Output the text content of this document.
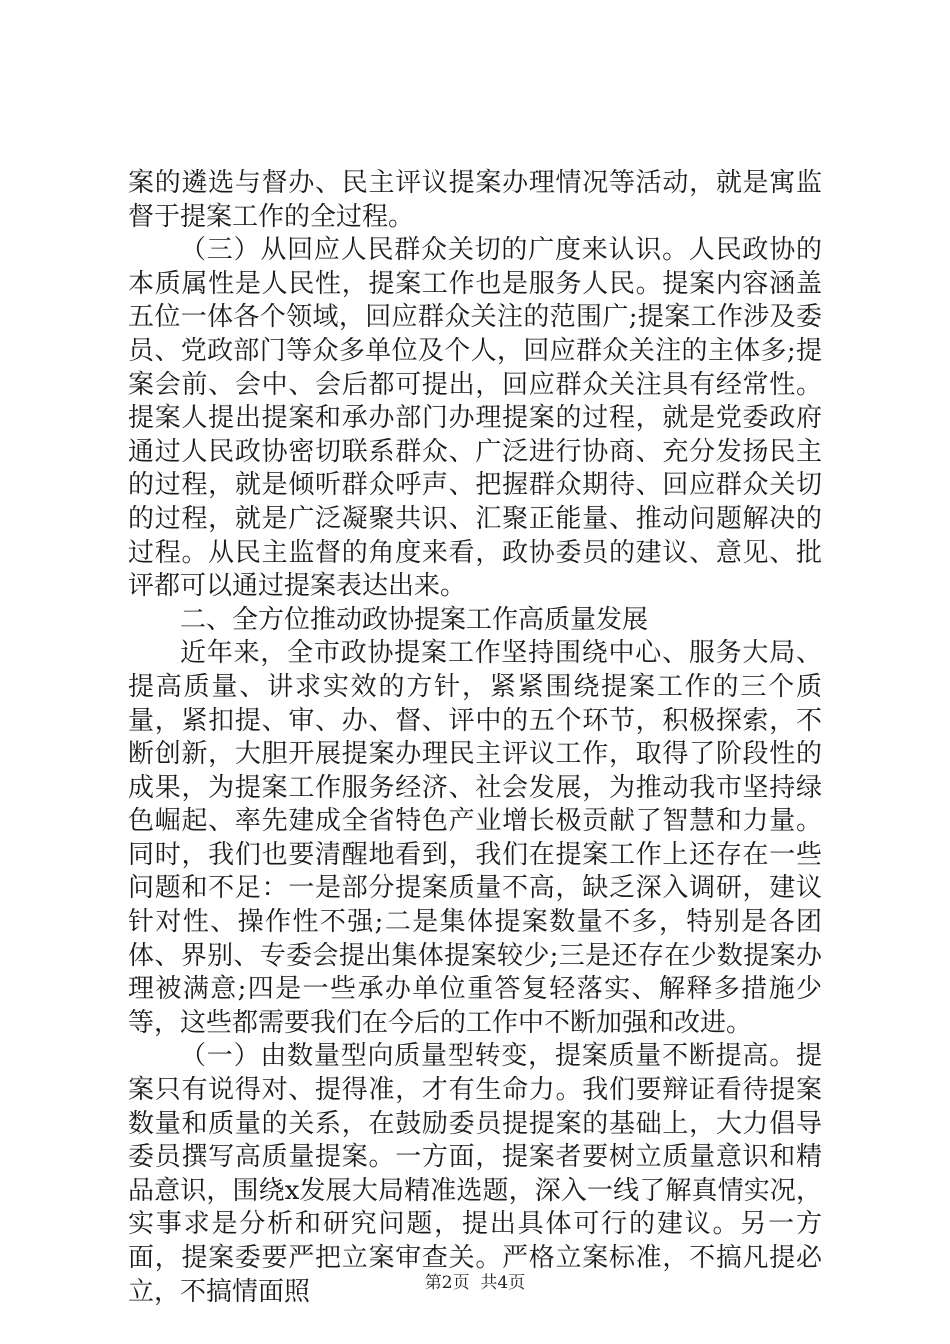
案的遴选与督办、民主评议提案办理情况等活动，就是寓监督于提案工作的全过程。

（三）从回应人民群众关切的广度来认识。人民政协的本质属性是人民性，提案工作也是服务人民。提案内容涵盖五位一体各个领域，回应群众关注的范围广;提案工作涉及委员、党政部门等众多单位及个人，回应群众关注的主体多;提案会前、会中、会后都可提出，回应群众关注具有经常性。提案人提出提案和承办部门办理提案的过程，就是党委政府通过人民政协密切联系群众、广泛进行协商、充分发扬民主的过程，就是倾听群众呼声、把握群众期待、回应群众关切的过程，就是广泛凝聚共识、汇聚正能量、推动问题解决的过程。从民主监督的角度来看，政协委员的建议、意见、批评都可以通过提案表达出来。

二、全方位推动政协提案工作高质量发展

近年来，全市政协提案工作坚持围绕中心、服务大局、提高质量、讲求实效的方针，紧紧围绕提案工作的三个质量，紧扣提、审、办、督、评中的五个环节，积极探索，不断创新，大胆开展提案办理民主评议工作，取得了阶段性的成果，为提案工作服务经济、社会发展，为推动我市坚持绿色崛起、率先建成全省特色产业增长极贡献了智慧和力量。同时，我们也要清醒地看到，我们在提案工作上还存在一些问题和不足：一是部分提案质量不高，缺乏深入调研，建议针对性、操作性不强;二是集体提案数量不多，特别是各团体、界别、专委会提出集体提案较少;三是还存在少数提案办理被满意;四是一些承办单位重答复轻落实、解释多措施少等，这些都需要我们在今后的工作中不断加强和改进。

（一）由数量型向质量型转变，提案质量不断提高。提案只有说得对、提得准，才有生命力。我们要辩证看待提案数量和质量的关系，在鼓励委员提提案的基础上，大力倡导委员撰写高质量提案。一方面，提案者要树立质量意识和精品意识，围绕x发展大局精准选题，深入一线了解真情实况，实事求是分析和研究问题，提出具体可行的建议。另一方面，提案委要严把立案审查关。严格立案标准，不搞凡提必立，不搞情面照	第2页 共4页
